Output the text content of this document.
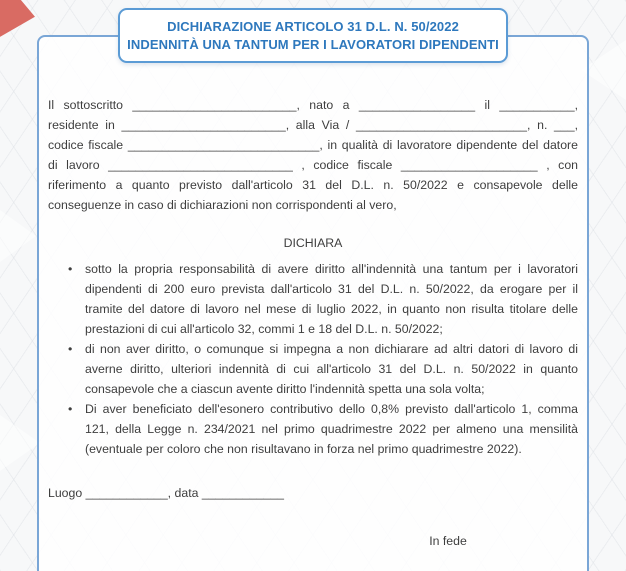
DICHIARAZIONE ARTICOLO 31 D.L. N. 50/2022
INDENNITÀ UNA TANTUM PER I LAVORATORI DIPENDENTI

Il sottoscritto ________________________, nato a _________________ il ___________, residente in ________________________, alla Via / _________________________, n. ___, codice fiscale ____________________________, in qualità di lavoratore dipendente del datore di lavoro ___________________________ , codice fiscale ____________________ , con riferimento a quanto previsto dall'articolo 31 del D.L. n. 50/2022 e consapevole delle conseguenze in caso di dichiarazioni non corrispondenti al vero,

DICHIARA
• sotto la propria responsabilità di avere diritto all'indennità una tantum per i lavoratori dipendenti di 200 euro prevista dall'articolo 31 del D.L. n. 50/2022, da erogare per il tramite del datore di lavoro nel mese di luglio 2022, in quanto non risulta titolare delle prestazioni di cui all'articolo 32, commi 1 e 18 del D.L. n. 50/2022;
• di non aver diritto, o comunque si impegna a non dichiarare ad altri datori di lavoro di averne diritto, ulteriori indennità di cui all'articolo 31 del D.L. n. 50/2022 in quanto consapevole che a ciascun avente diritto l'indennità spetta una sola volta;
• Di aver beneficiato dell'esonero contributivo dello 0,8% previsto dall'articolo 1, comma 121, della Legge n. 234/2021 nel primo quadrimestre 2022 per almeno una mensilità (eventuale per coloro che non risultavano in forza nel primo quadrimestre 2022).

Luogo ____________, data ____________

In fede
